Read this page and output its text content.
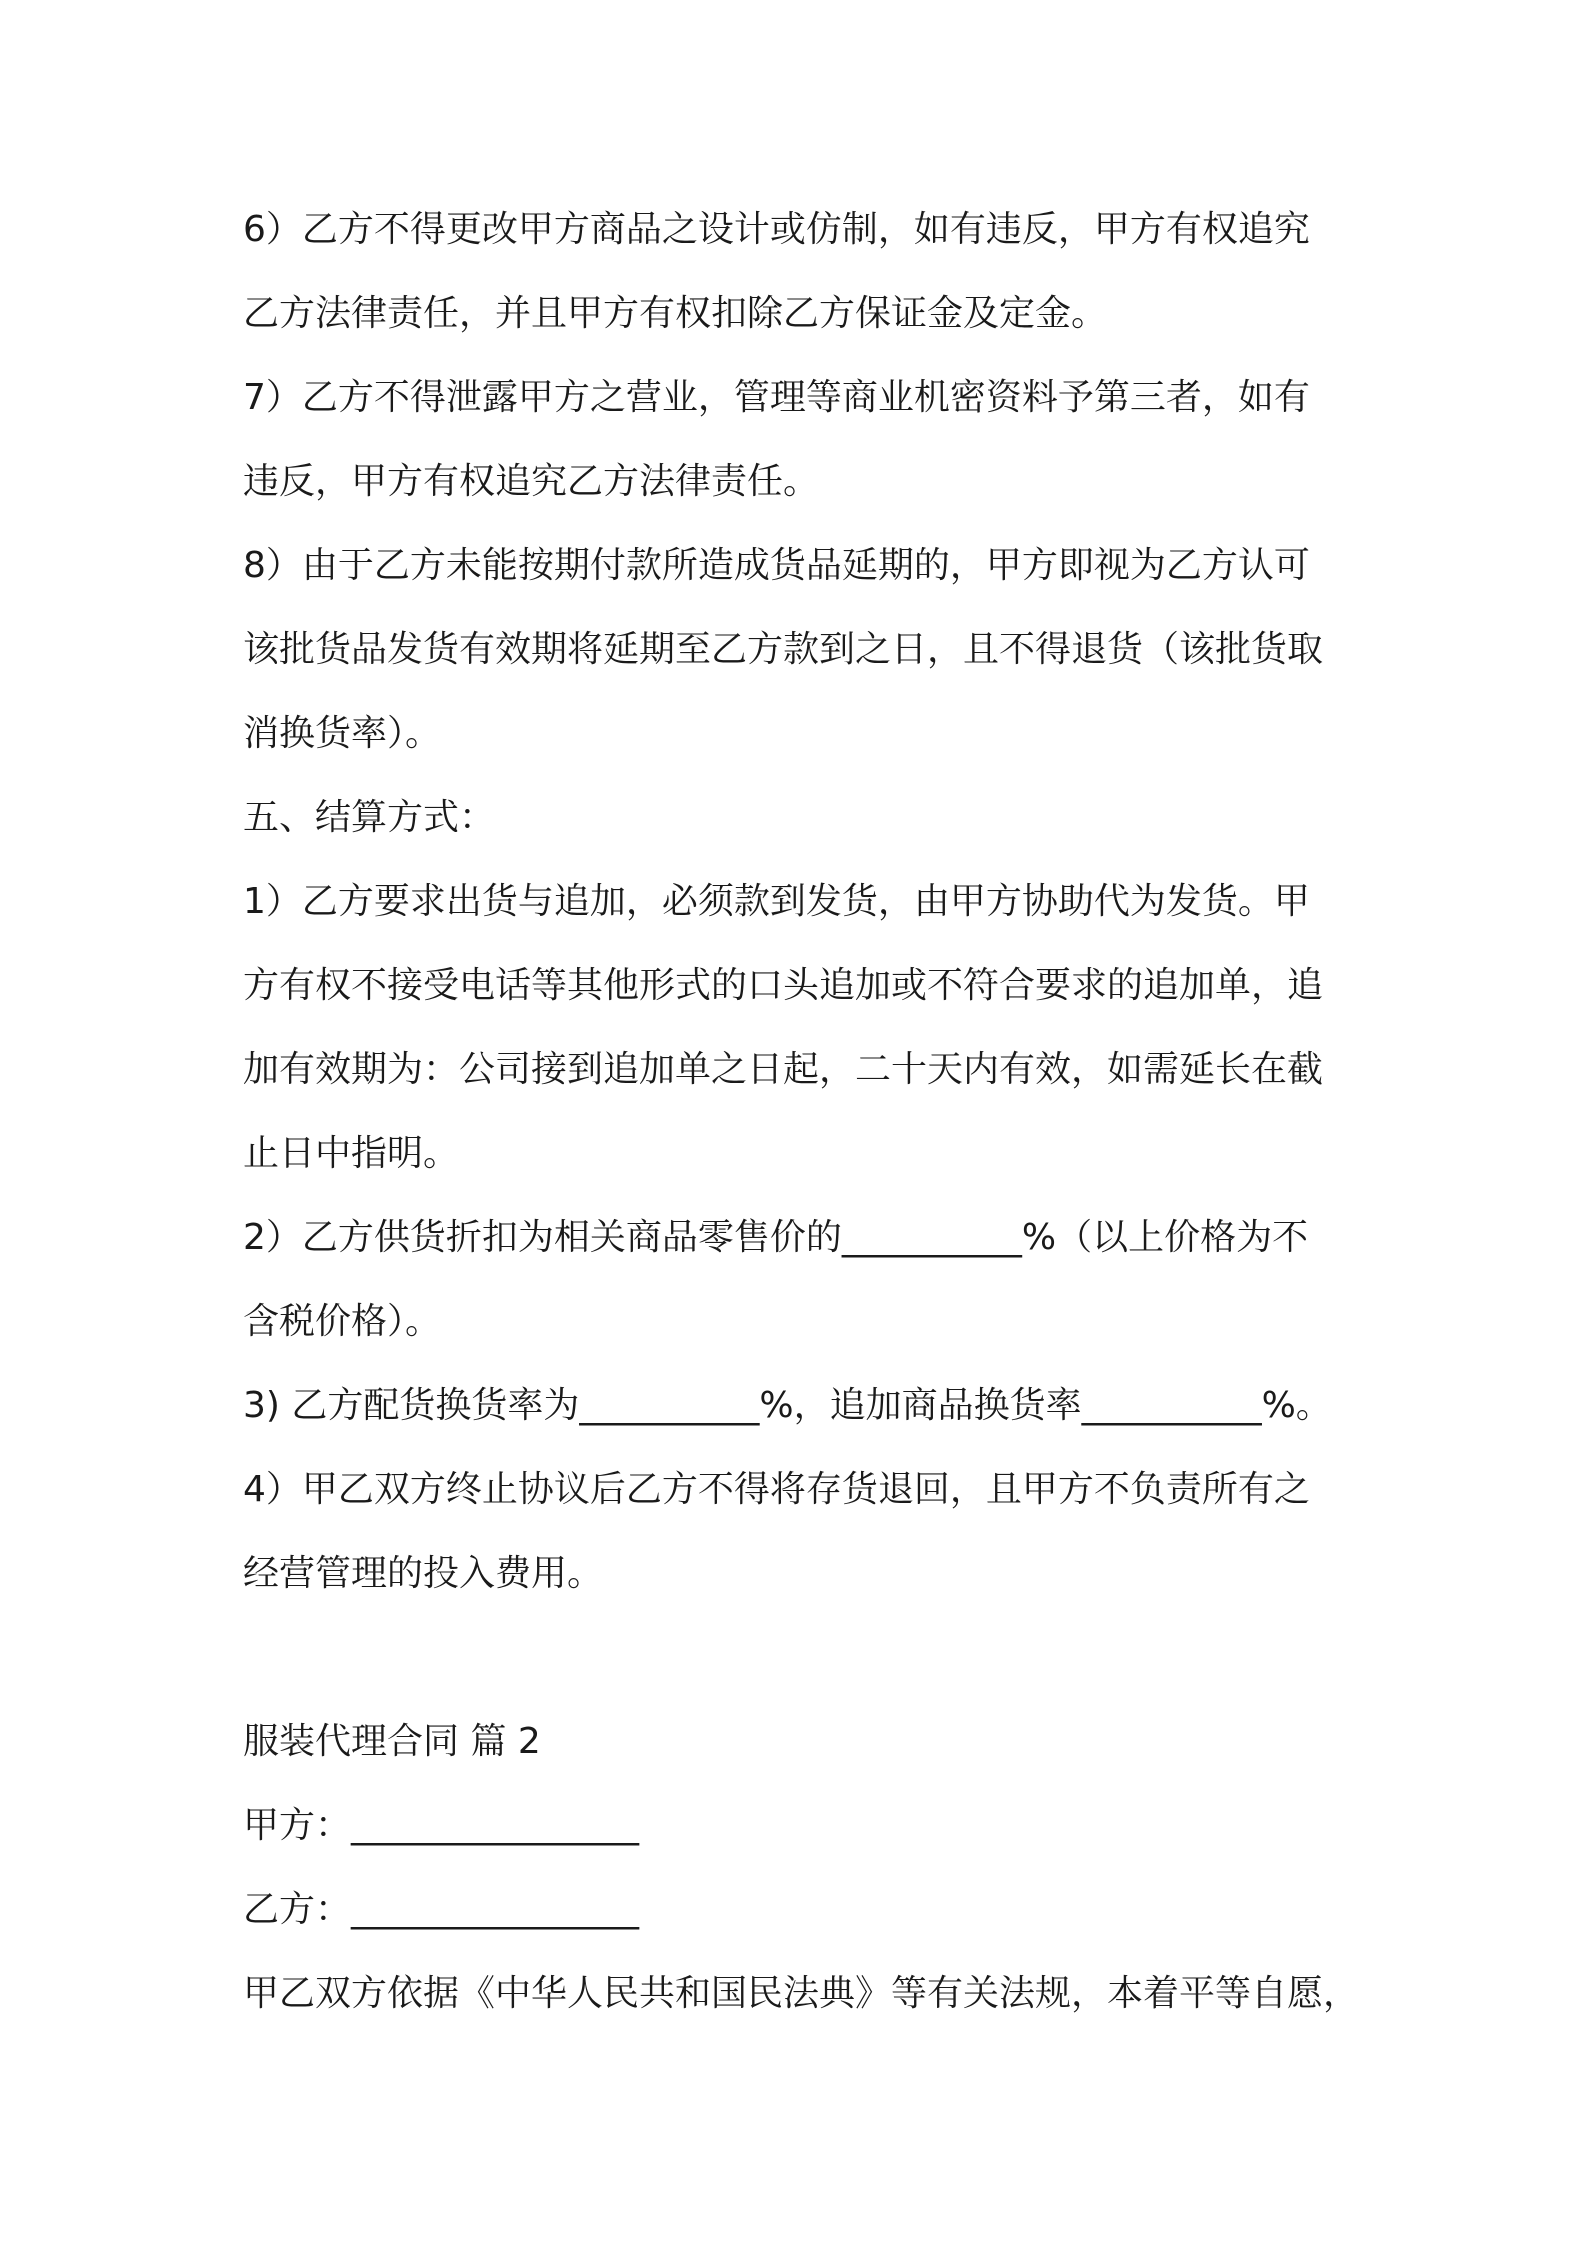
6）乙方不得更改甲方商品之设计或仿制，如有违反，甲方有权追究
乙方法律责任，并且甲方有权扣除乙方保证金及定金。
7）乙方不得泄露甲方之营业，管理等商业机密资料予第三者，如有
违反，甲方有权追究乙方法律责任。
8）由于乙方未能按期付款所造成货品延期的，甲方即视为乙方认可
该批货品发货有效期将延期至乙方款到之日，且不得退货（该批货取
消换货率）。
五、结算方式：
1）乙方要求出货与追加，必须款到发货，由甲方协助代为发货。甲
方有权不接受电话等其他形式的口头追加或不符合要求的追加单，追
加有效期为：公司接到追加单之日起，二十天内有效，如需延长在截
止日中指明。
2）乙方供货折扣为相关商品零售价的__________%（以上价格为不
含税价格）。
3) 乙方配货换货率为__________%，追加商品换货率__________%。
4）甲乙双方终止协议后乙方不得将存货退回，且甲方不负责所有之
经营管理的投入费用。
服装代理合同 篇 2
甲方：________________
乙方：________________
甲乙双方依据《中华人民共和国民法典》等有关法规，本着平等自愿，
